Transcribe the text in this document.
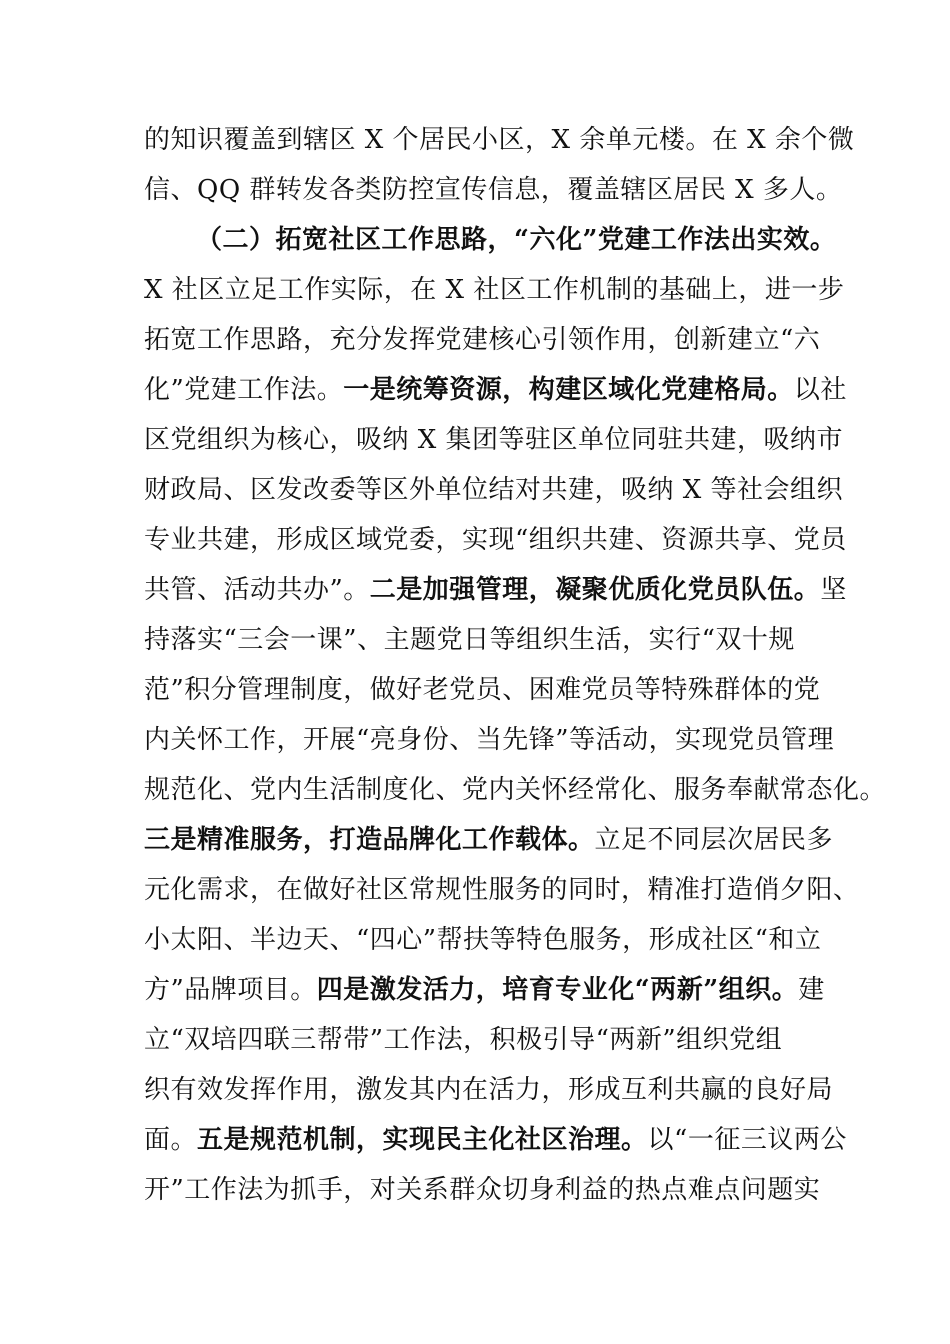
的知识覆盖到辖区 X 个居民小区，X 余单元楼。在 X 余个微
信、QQ 群转发各类防控宣传信息，覆盖辖区居民 X 多人。
（二）拓宽社区工作思路，“六化”党建工作法出实效。
X 社区立足工作实际，在 X 社区工作机制的基础上，进一步
拓宽工作思路，充分发挥党建核心引领作用，创新建立“六
化”党建工作法。一是统筹资源，构建区域化党建格局。以社
区党组织为核心，吸纳 X 集团等驻区单位同驻共建，吸纳市
财政局、区发改委等区外单位结对共建，吸纳 X 等社会组织
专业共建，形成区域党委，实现“组织共建、资源共享、党员
共管、活动共办”。二是加强管理，凝聚优质化党员队伍。坚
持落实“三会一课”、主题党日等组织生活，实行“双十规
范”积分管理制度，做好老党员、困难党员等特殊群体的党
内关怀工作，开展“亮身份、当先锋”等活动，实现党员管理
规范化、党内生活制度化、党内关怀经常化、服务奉献常态化。
三是精准服务，打造品牌化工作载体。立足不同层次居民多
元化需求，在做好社区常规性服务的同时，精准打造俏夕阳、
小太阳、半边天、“四心”帮扶等特色服务，形成社区“和立
方”品牌项目。四是激发活力，培育专业化“两新”组织。建
立“双培四联三帮带”工作法，积极引导“两新”组织党组
织有效发挥作用，激发其内在活力，形成互利共赢的良好局
面。五是规范机制，实现民主化社区治理。以“一征三议两公
开”工作法为抓手，对关系群众切身利益的热点难点问题实
